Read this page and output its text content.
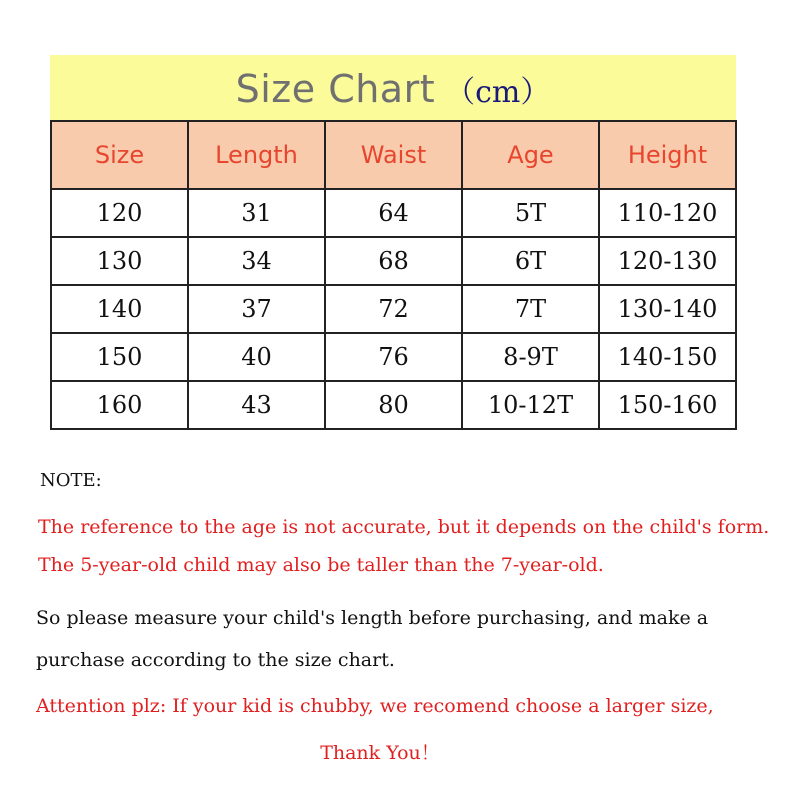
Size Chart （cm）
Size	Length	Waist	Age	Height
120	31	64	5T	110-120
130	34	68	6T	120-130
140	37	72	7T	130-140
150	40	76	8-9T	140-150
160	43	80	10-12T	150-160
NOTE:
The reference to the age is not accurate, but it depends on the child's form. The 5-year-old child may also be taller than the 7-year-old.
So please measure your child's length before purchasing, and make a purchase according to the size chart.
Attention plz: If your kid is chubby, we recomend choose a larger size,
Thank You！
